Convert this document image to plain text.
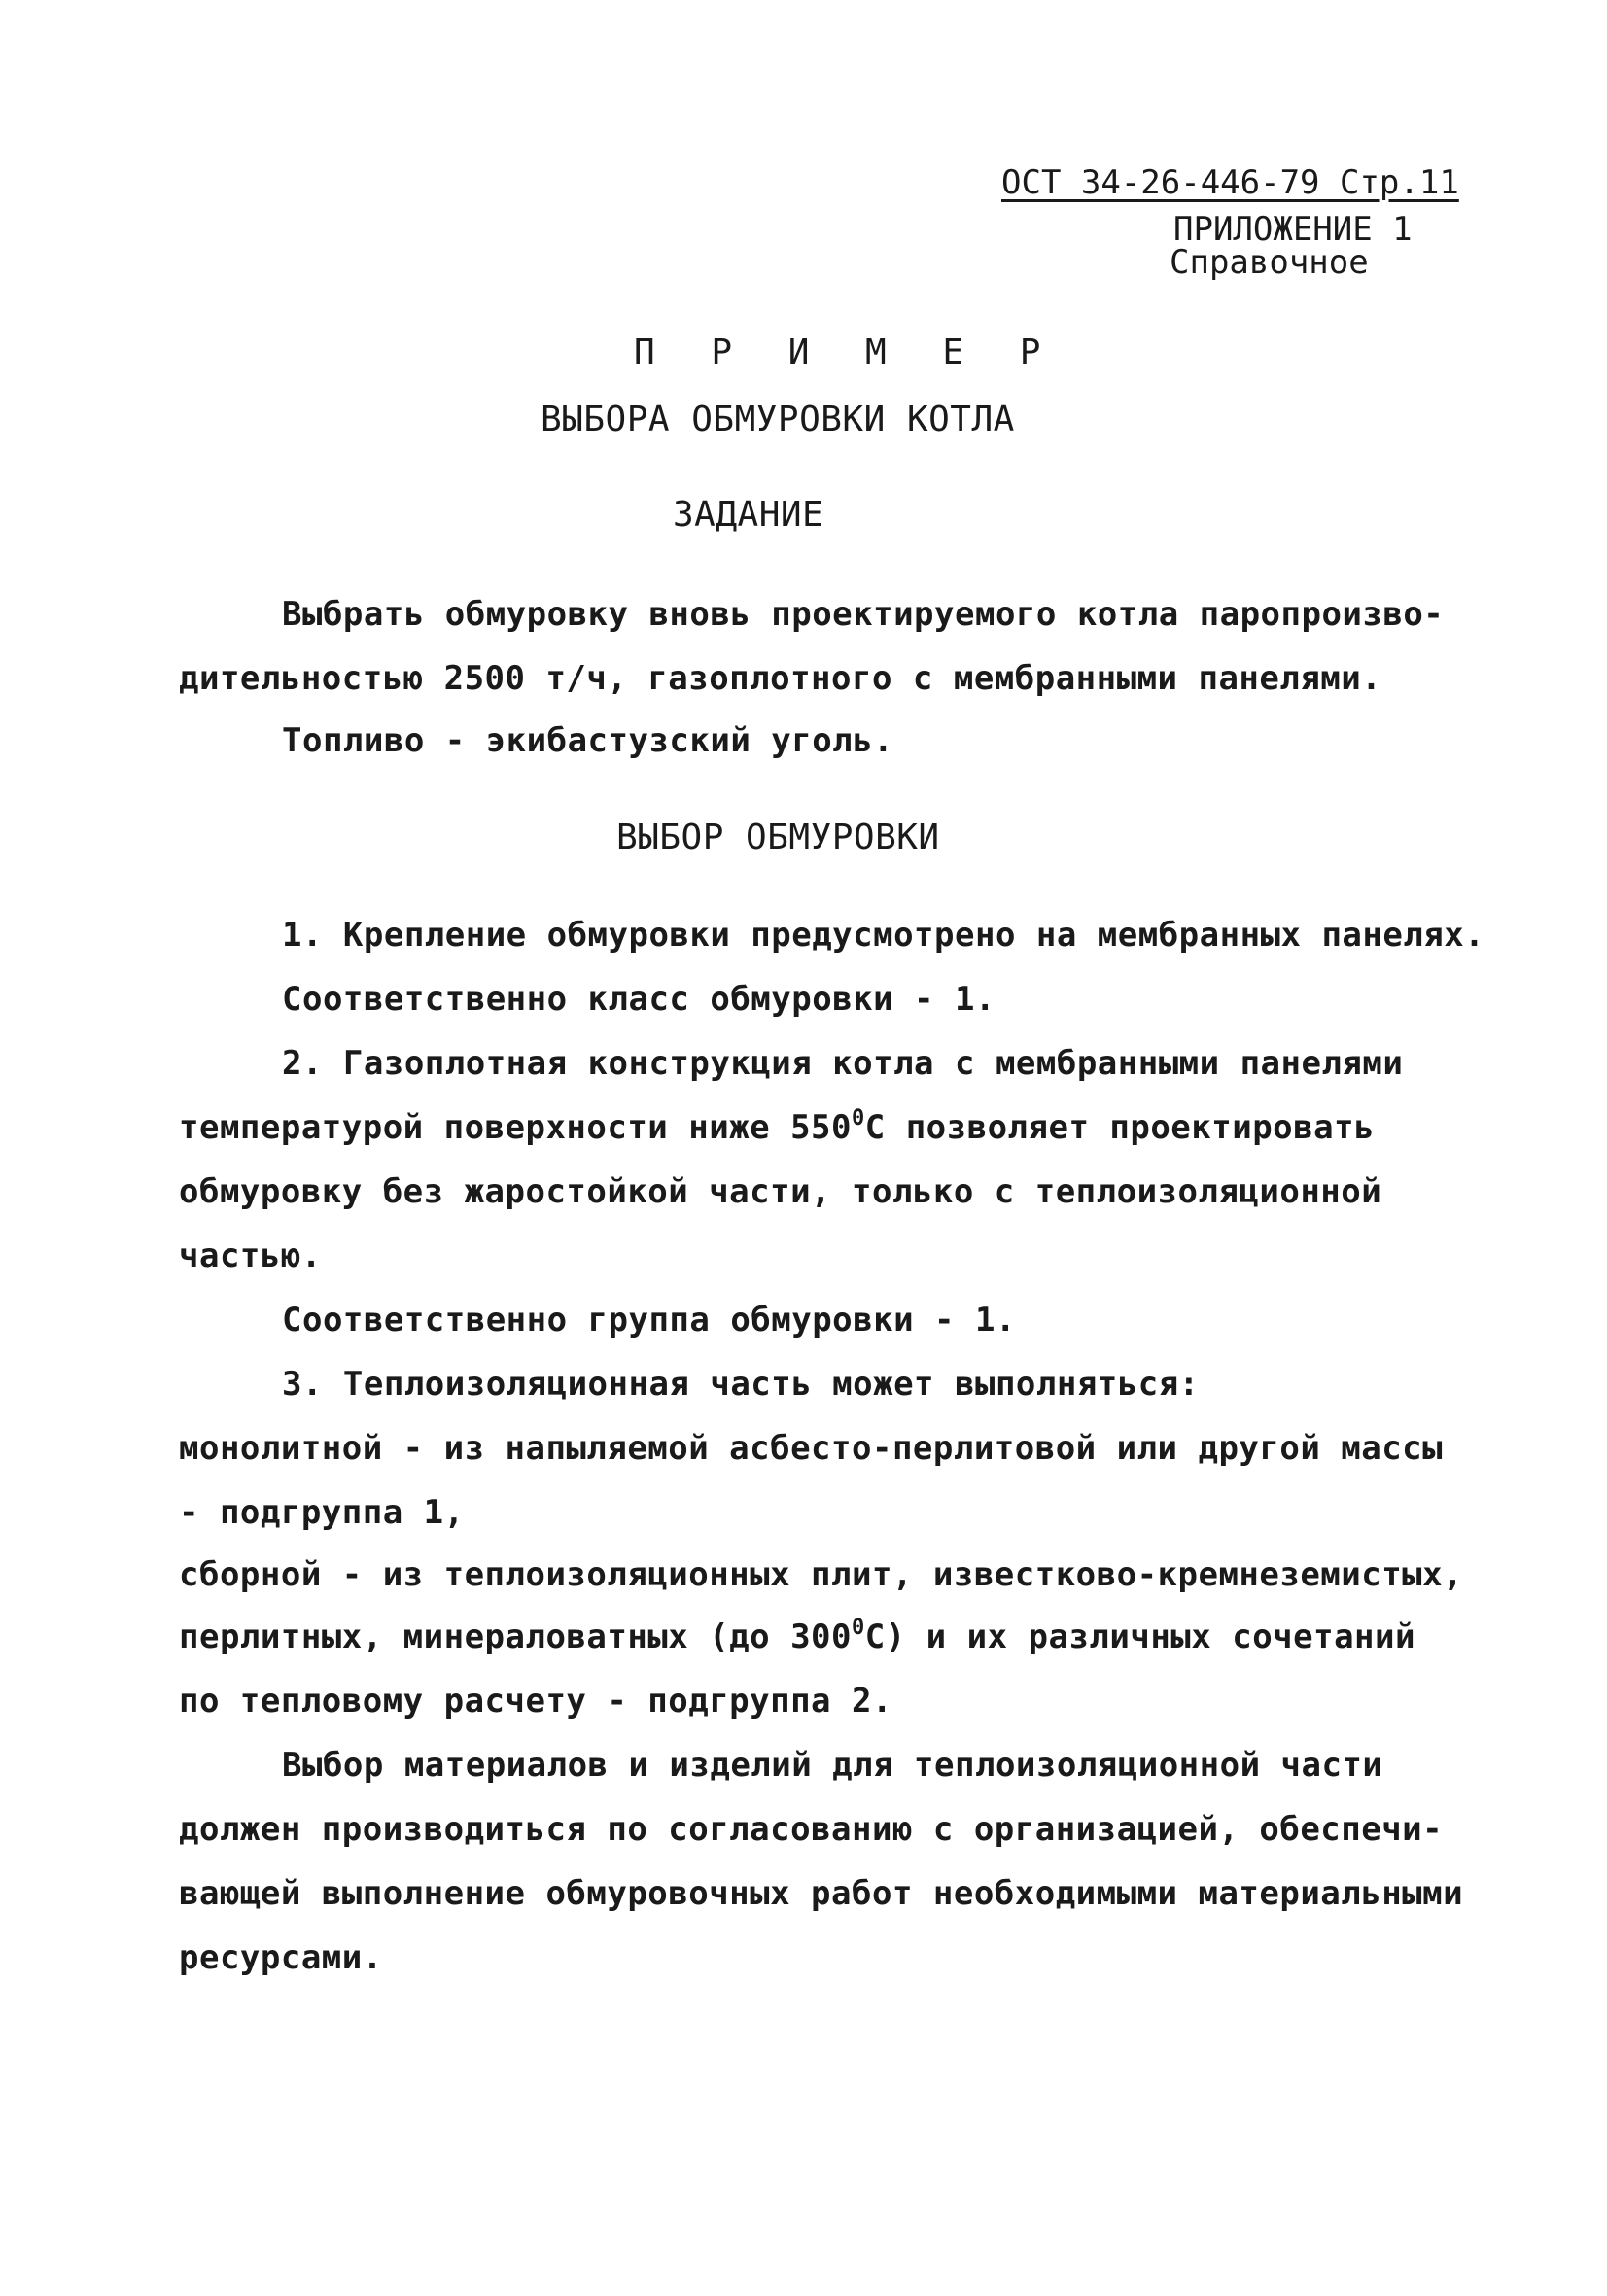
ОСТ 34-26-446-79 Стр.11
ПРИЛОЖЕНИЕ 1
Справочное
П Р И М Е Р
ВЫБОРА ОБМУРОВКИ КОТЛА
ЗАДАНИЕ
Выбрать обмуровку вновь проектируемого котла паропроизво-
дительностью 2500 т/ч, газоплотного с мембранными панелями.
Топливо - экибастузский уголь.
ВЫБОР ОБМУРОВКИ
1. Крепление обмуровки предусмотрено на мембранных панелях.
Соответственно класс обмуровки - 1.
2. Газоплотная конструкция котла с мембранными панелями
температурой поверхности ниже $550^0С$ позволяет проектировать
обмуровку без жаростойкой части, только с теплоизоляционной
частью.
Соответственно группа обмуровки - 1.
3. Теплоизоляционная часть может выполняться:
монолитной - из напыляемой асбесто-перлитовой или другой массы
- подгруппа 1,
сборной - из теплоизоляционных плит, известково-кремнеземистых,
перлитных, минераловатных (до $300^0С$) и их различных сочетаний
по тепловому расчету - подгруппа 2.
Выбор материалов и изделий для теплоизоляционной части
должен производиться по согласованию с организацией, обеспечи-
вающей выполнение обмуровочных работ необходимыми материальными
ресурсами.
